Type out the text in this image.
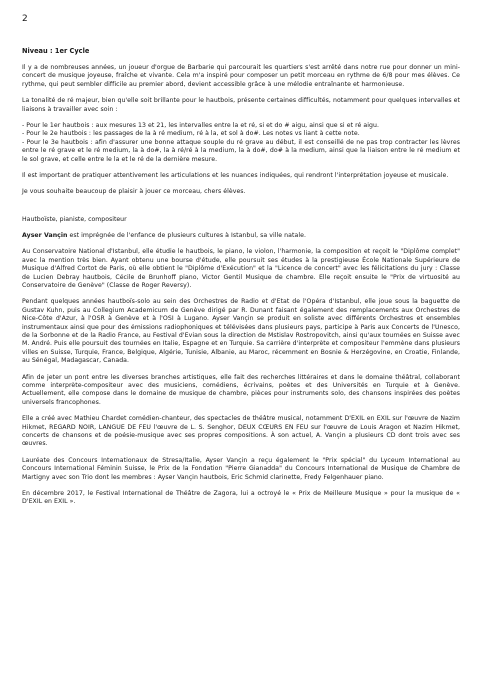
2
Niveau : 1er Cycle

Il y a de nombreuses années, un joueur d'orgue de Barbarie qui parcourait les quartiers s'est arrêté dans notre rue pour donner un mini-concert de musique joyeuse, fraîche et vivante. Cela m'a inspiré pour composer un petit morceau en rythme de 6/8 pour mes élèves. Ce rythme, qui peut sembler difficile au premier abord, devient accessible grâce à une mélodie entraînante et harmonieuse.

La tonalité de ré majeur, bien qu'elle soit brillante pour le hautbois, présente certaines difficultés, notamment pour quelques intervalles et liaisons à travailler avec soin :

- Pour le 1er hautbois : aux mesures 13 et 21, les intervalles entre la et ré, si et do # aigu, ainsi que si et ré aigu.

- Pour le 2e hautbois : les passages de la à ré medium, ré à la, et sol à do#. Les notes vs liant à cette note.

- Pour le 3e hautbois : afin d'assurer une bonne attaque souple du ré grave au début, il est conseillé de ne pas trop contracter les lèvres entre le ré grave et le ré medium, la à do#, la à ré/ré à la medium, la à do#, do# à la medium, ainsi que la liaison entre le ré medium et le sol grave, et celle entre le la et le ré de la dernière mesure.

Il est important de pratiquer attentivement les articulations et les nuances indiquées, qui rendront l'interprétation joyeuse et musicale.

Je vous souhaite beaucoup de plaisir à jouer ce morceau, chers élèves.

Hautboïste, pianiste, compositeur

Ayser Vançin est imprégnée de l'enfance de plusieurs cultures à Istanbul, sa ville natale.

Au Conservatoire National d'Istanbul, elle étudie le hautbois, le piano, le violon, l'harmonie, la composition et reçoit le "Diplôme complet" avec la mention très bien. Ayant obtenu une bourse d'étude, elle poursuit ses études à la prestigieuse École Nationale Supérieure de Musique d'Alfred Cortot de Paris, où elle obtient le "Diplôme d'Exécution" et la "Licence de concert" avec les félicitations du jury : Classe de Lucien Debray hautbois, Cécile de Brunhoff piano, Victor Gentil Musique de chambre. Elle reçoit ensuite le "Prix de virtuosité au Conservatoire de Genève" (Classe de Roger Reversy).

Pendant quelques années hautboïs-solo au sein des Orchestres de Radio et d'Etat de l'Opéra d'Istanbul, elle joue sous la baguette de Gustav Kuhn, puis au Collegium Academicum de Genève dirigé par R. Dunant faisant également des remplacements aux Orchestres de Nice-Côte d'Azur, à l'OSR à Genève et à l'OSI à Lugano. Ayser Vançin se produit en soliste avec différents Orchestres et ensembles instrumentaux ainsi que pour des émissions radiophoniques et télévisées dans plusieurs pays, participe à Paris aux Concerts de l'Unesco, de la Sorbonne et de la Radio France, au Festival d'Evian sous la direction de Mstislav Rostropovitch, ainsi qu'aux tournées en Suisse avec M. André. Puis elle poursuit des tournées en Italie, Espagne et en Turquie. Sa carrière d'interprète et compositeur l'emmène dans plusieurs villes en Suisse, Turquie, France, Belgique, Algérie, Tunisie, Albanie, au Maroc, récemment en Bosnie & Herzégovine, en Croatie, Finlande, au Sénégal, Madagascar, Canada.

Afin de jeter un pont entre les diverses branches artistiques, elle fait des recherches littéraires et dans le domaine théâtral, collaborant comme interprète-compositeur avec des musiciens, comédiens, écrivains, poètes et des Universités en Turquie et à Genève. Actuellement, elle compose dans le domaine de musique de chambre, pièces pour instruments solo, des chansons inspirées des poètes universels francophones.

Elle a créé avec Mathieu Chardet comédien-chanteur, des spectacles de théâtre musical, notamment D'EXIL en EXIL sur l'œuvre de Nazim Hikmet, REGARD NOIR, LANGUE DE FEU l'œuvre de L. S. Senghor, DEUX CŒURS EN FEU sur l'œuvre de Louis Aragon et Nazim Hikmet, concerts de chansons et de poésie-musique avec ses propres compositions. À son actuel, A. Vançin a plusieurs CD dont trois avec ses œuvres.

Lauréate des Concours Internationaux de Stresa/Italie, Ayser Vançin a reçu également le "Prix spécial" du Lyceum International au Concours International Féminin Suisse, le Prix de la Fondation "Pierre Gianadda" du Concours International de Musique de Chambre de Martigny avec son Trio dont les membres : Ayser Vançin hautbois, Eric Schmid clarinette, Fredy Felgenhauer piano.

En décembre 2017, le Festival International de Théâtre de Zagora, lui a octroyé le « Prix de Meilleure Musique » pour la musique de « D'EXIL en EXIL ».
